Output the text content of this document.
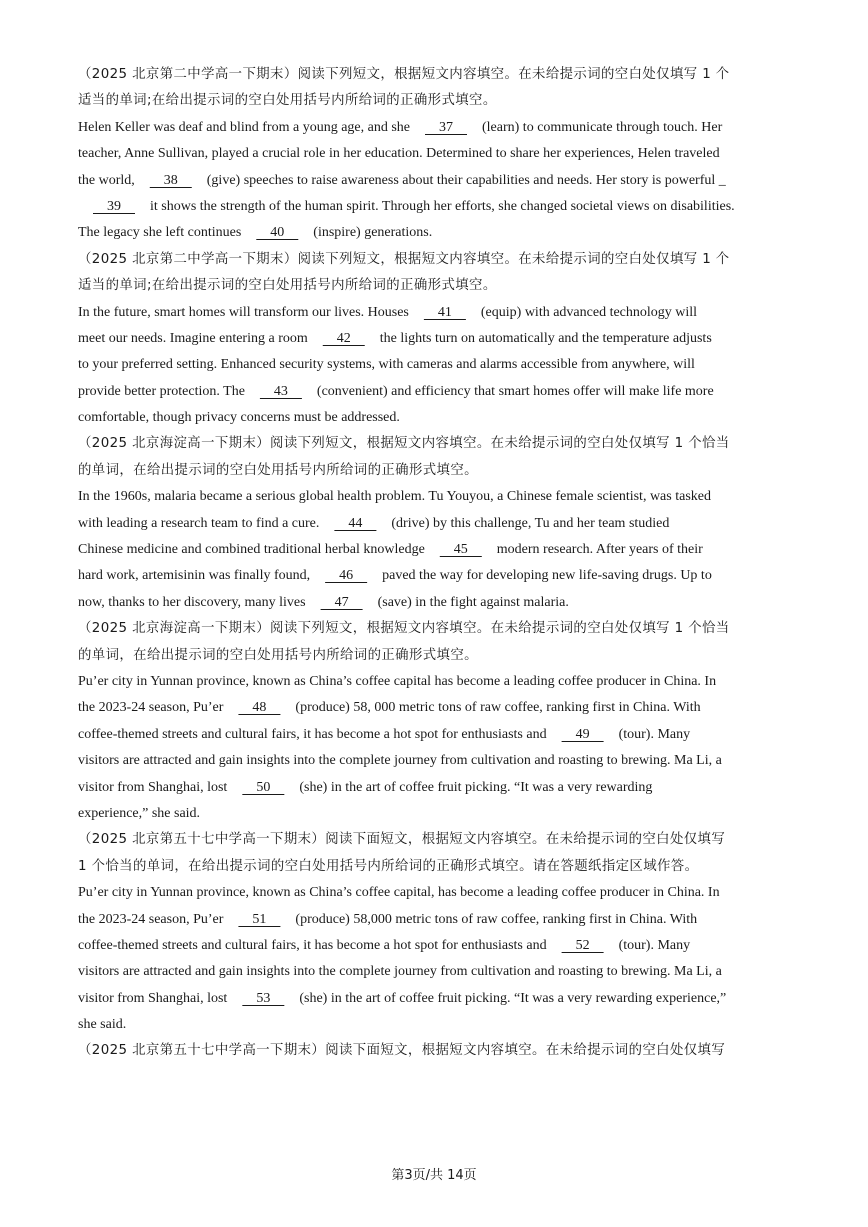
（2025 北京第二中学高一下期末）阅读下列短文，根据短文内容填空。在未给提示词的空白处仅填写 1 个
适当的单词;在给出提示词的空白处用括号内所给词的正确形式填空。
Helen Keller was deaf and blind from a young age, and she    37    (learn) to communicate through touch. Her
teacher, Anne Sullivan, played a crucial role in her education. Determined to share her experiences, Helen traveled
the world,    38    (give) speeches to raise awareness about their capabilities and needs. Her story is powerful _
39    it shows the strength of the human spirit. Through her efforts, she changed societal views on disabilities.
The legacy she left continues    40    (inspire) generations.
（2025 北京第二中学高一下期末）阅读下列短文，根据短文内容填空。在未给提示词的空白处仅填写 1 个
适当的单词;在给出提示词的空白处用括号内所给词的正确形式填空。
In the future, smart homes will transform our lives. Houses    41    (equip) with advanced technology will
meet our needs. Imagine entering a room    42    the lights turn on automatically and the temperature adjusts
to your preferred setting. Enhanced security systems, with cameras and alarms accessible from anywhere, will
provide better protection. The    43    (convenient) and efficiency that smart homes offer will make life more
comfortable, though privacy concerns must be addressed.
（2025 北京海淀高一下期末）阅读下列短文，根据短文内容填空。在未给提示词的空白处仅填写 1 个恰当
的单词，在给出提示词的空白处用括号内所给词的正确形式填空。
In the 1960s, malaria became a serious global health problem. Tu Youyou, a Chinese female scientist, was tasked
with leading a research team to find a cure.    44    (drive) by this challenge, Tu and her team studied
Chinese medicine and combined traditional herbal knowledge    45    modern research. After years of their
hard work, artemisinin was finally found,    46    paved the way for developing new life-saving drugs. Up to
now, thanks to her discovery, many lives    47    (save) in the fight against malaria.
（2025 北京海淀高一下期末）阅读下列短文，根据短文内容填空。在未给提示词的空白处仅填写 1 个恰当
的单词，在给出提示词的空白处用括号内所给词的正确形式填空。
Pu’er city in Yunnan province, known as China’s coffee capital has become a leading coffee producer in China. In
the 2023-24 season, Pu’er    48    (produce) 58, 000 metric tons of raw coffee, ranking first in China. With
coffee-themed streets and cultural fairs, it has become a hot spot for enthusiasts and    49    (tour). Many
visitors are attracted and gain insights into the complete journey from cultivation and roasting to brewing. Ma Li, a
visitor from Shanghai, lost    50    (she) in the art of coffee fruit picking. “It was a very rewarding
experience,” she said.
（2025 北京第五十七中学高一下期末）阅读下面短文，根据短文内容填空。在未给提示词的空白处仅填写
1 个恰当的单词，在给出提示词的空白处用括号内所给词的正确形式填空。请在答题纸指定区域作答。
Pu’er city in Yunnan province, known as China’s coffee capital, has become a leading coffee producer in China. In
the 2023-24 season, Pu’er    51    (produce) 58,000 metric tons of raw coffee, ranking first in China. With
coffee-themed streets and cultural fairs, it has become a hot spot for enthusiasts and    52    (tour). Many
visitors are attracted and gain insights into the complete journey from cultivation and roasting to brewing. Ma Li, a
visitor from Shanghai, lost    53    (she) in the art of coffee fruit picking. “It was a very rewarding experience,”
she said.
（2025 北京第五十七中学高一下期末）阅读下面短文，根据短文内容填空。在未给提示词的空白处仅填写
第3页/共 14页
